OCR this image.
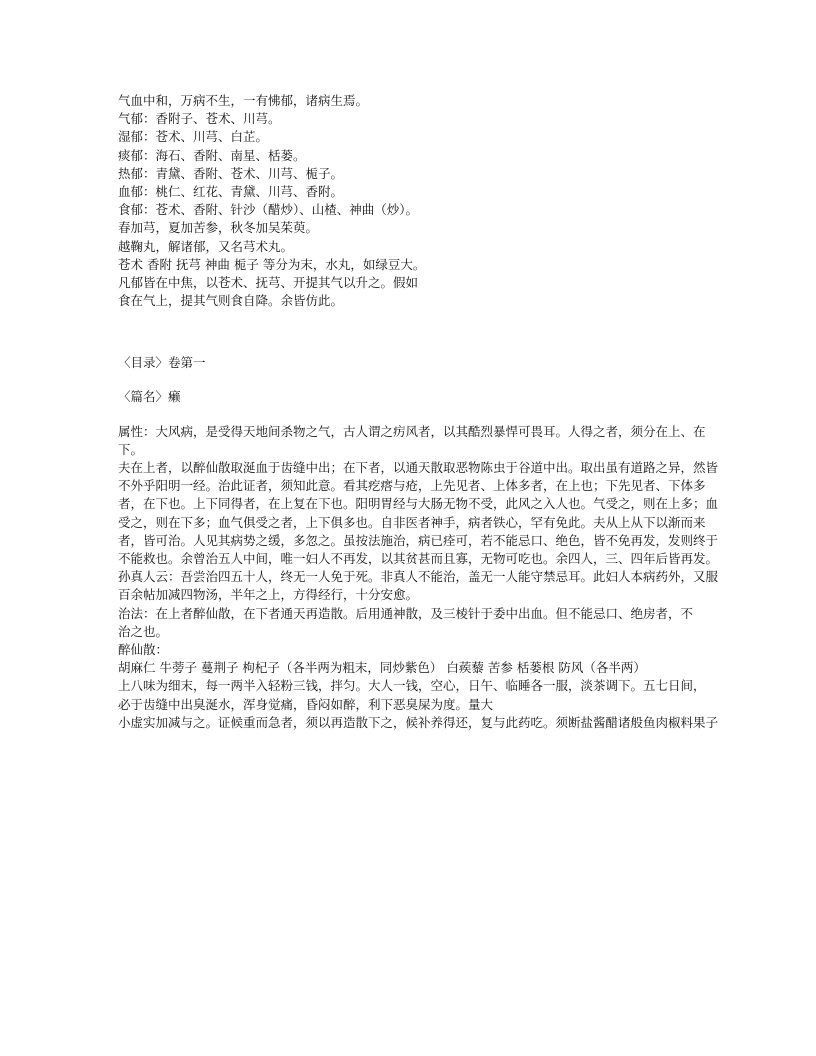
气血中和，万病不生，一有怫郁，诸病生焉。
气郁：香附子、苍术、川芎。
湿郁：苍术、川芎、白芷。
痰郁：海石、香附、南星、栝蒌。
热郁：青黛、香附、苍术、川芎、栀子。
血郁：桃仁、红花、青黛、川芎、香附。
食郁：苍术、香附、针沙（醋炒）、山楂、神曲（炒）。
春加芎，夏加苦参，秋冬加吴茱萸。
越鞠丸，解诸郁，又名芎术丸。
苍术 香附 抚芎 神曲 栀子 等分为末，水丸，如绿豆大。
凡郁皆在中焦，以苍术、抚芎、开提其气以升之。假如
食在气上，提其气则食自降。余皆仿此。
〈目录〉卷第一
〈篇名〉癞
属性：大风病，是受得天地间杀物之气，古人谓之疠风者，以其酷烈暴悍可畏耳。人得之者，须分在上、在下。
夫在上者，以醉仙散取涎血于齿缝中出；在下者，以通天散取恶物陈虫于谷道中出。取出虽有道路之异，然皆
不外乎阳明一经。治此证者，须知此意。看其疙瘩与疮，上先见者、上体多者，在上也；下先见者、下体多
者，在下也。上下同得者，在上复在下也。阳明胃经与大肠无物不受，此风之入人也。气受之，则在上多；血
受之，则在下多；血气俱受之者，上下俱多也。自非医者神手，病者铁心，罕有免此。夫从上从下以渐而来
者，皆可治。人见其病势之缓，多忽之。虽按法施治，病已痊可，若不能忌口、绝色，皆不免再发，发则终于
不能救也。余曾治五人中间，唯一妇人不再发，以其贫甚而且寡，无物可吃也。余四人，三、四年后皆再发。
孙真人云：吾尝治四五十人，终无一人免于死。非真人不能治，盖无一人能守禁忌耳。此妇人本病药外，又服
百余帖加减四物汤，半年之上，方得经行，十分安愈。
治法：在上者醉仙散，在下者通天再造散。后用通神散，及三棱针于委中出血。但不能忌口、绝房者，不
治之也。
醉仙散：
胡麻仁 牛蒡子 蔓荆子 枸杞子（各半两为粗末，同炒紫色） 白蒺藜 苦参 栝蒌根 防风（各半两）
上八味为细末，每一两半入轻粉三钱，拌匀。大人一钱，空心，日午、临睡各一服，淡茶调下。五七日间，
必于齿缝中出臭涎水，浑身觉痛，昏闷如醉，利下恶臭屎为度。量大
小虚实加减与之。证候重而急者，须以再造散下之，候补养得还，复与此药吃。须断盐酱醋诸般鱼肉椒料果子
